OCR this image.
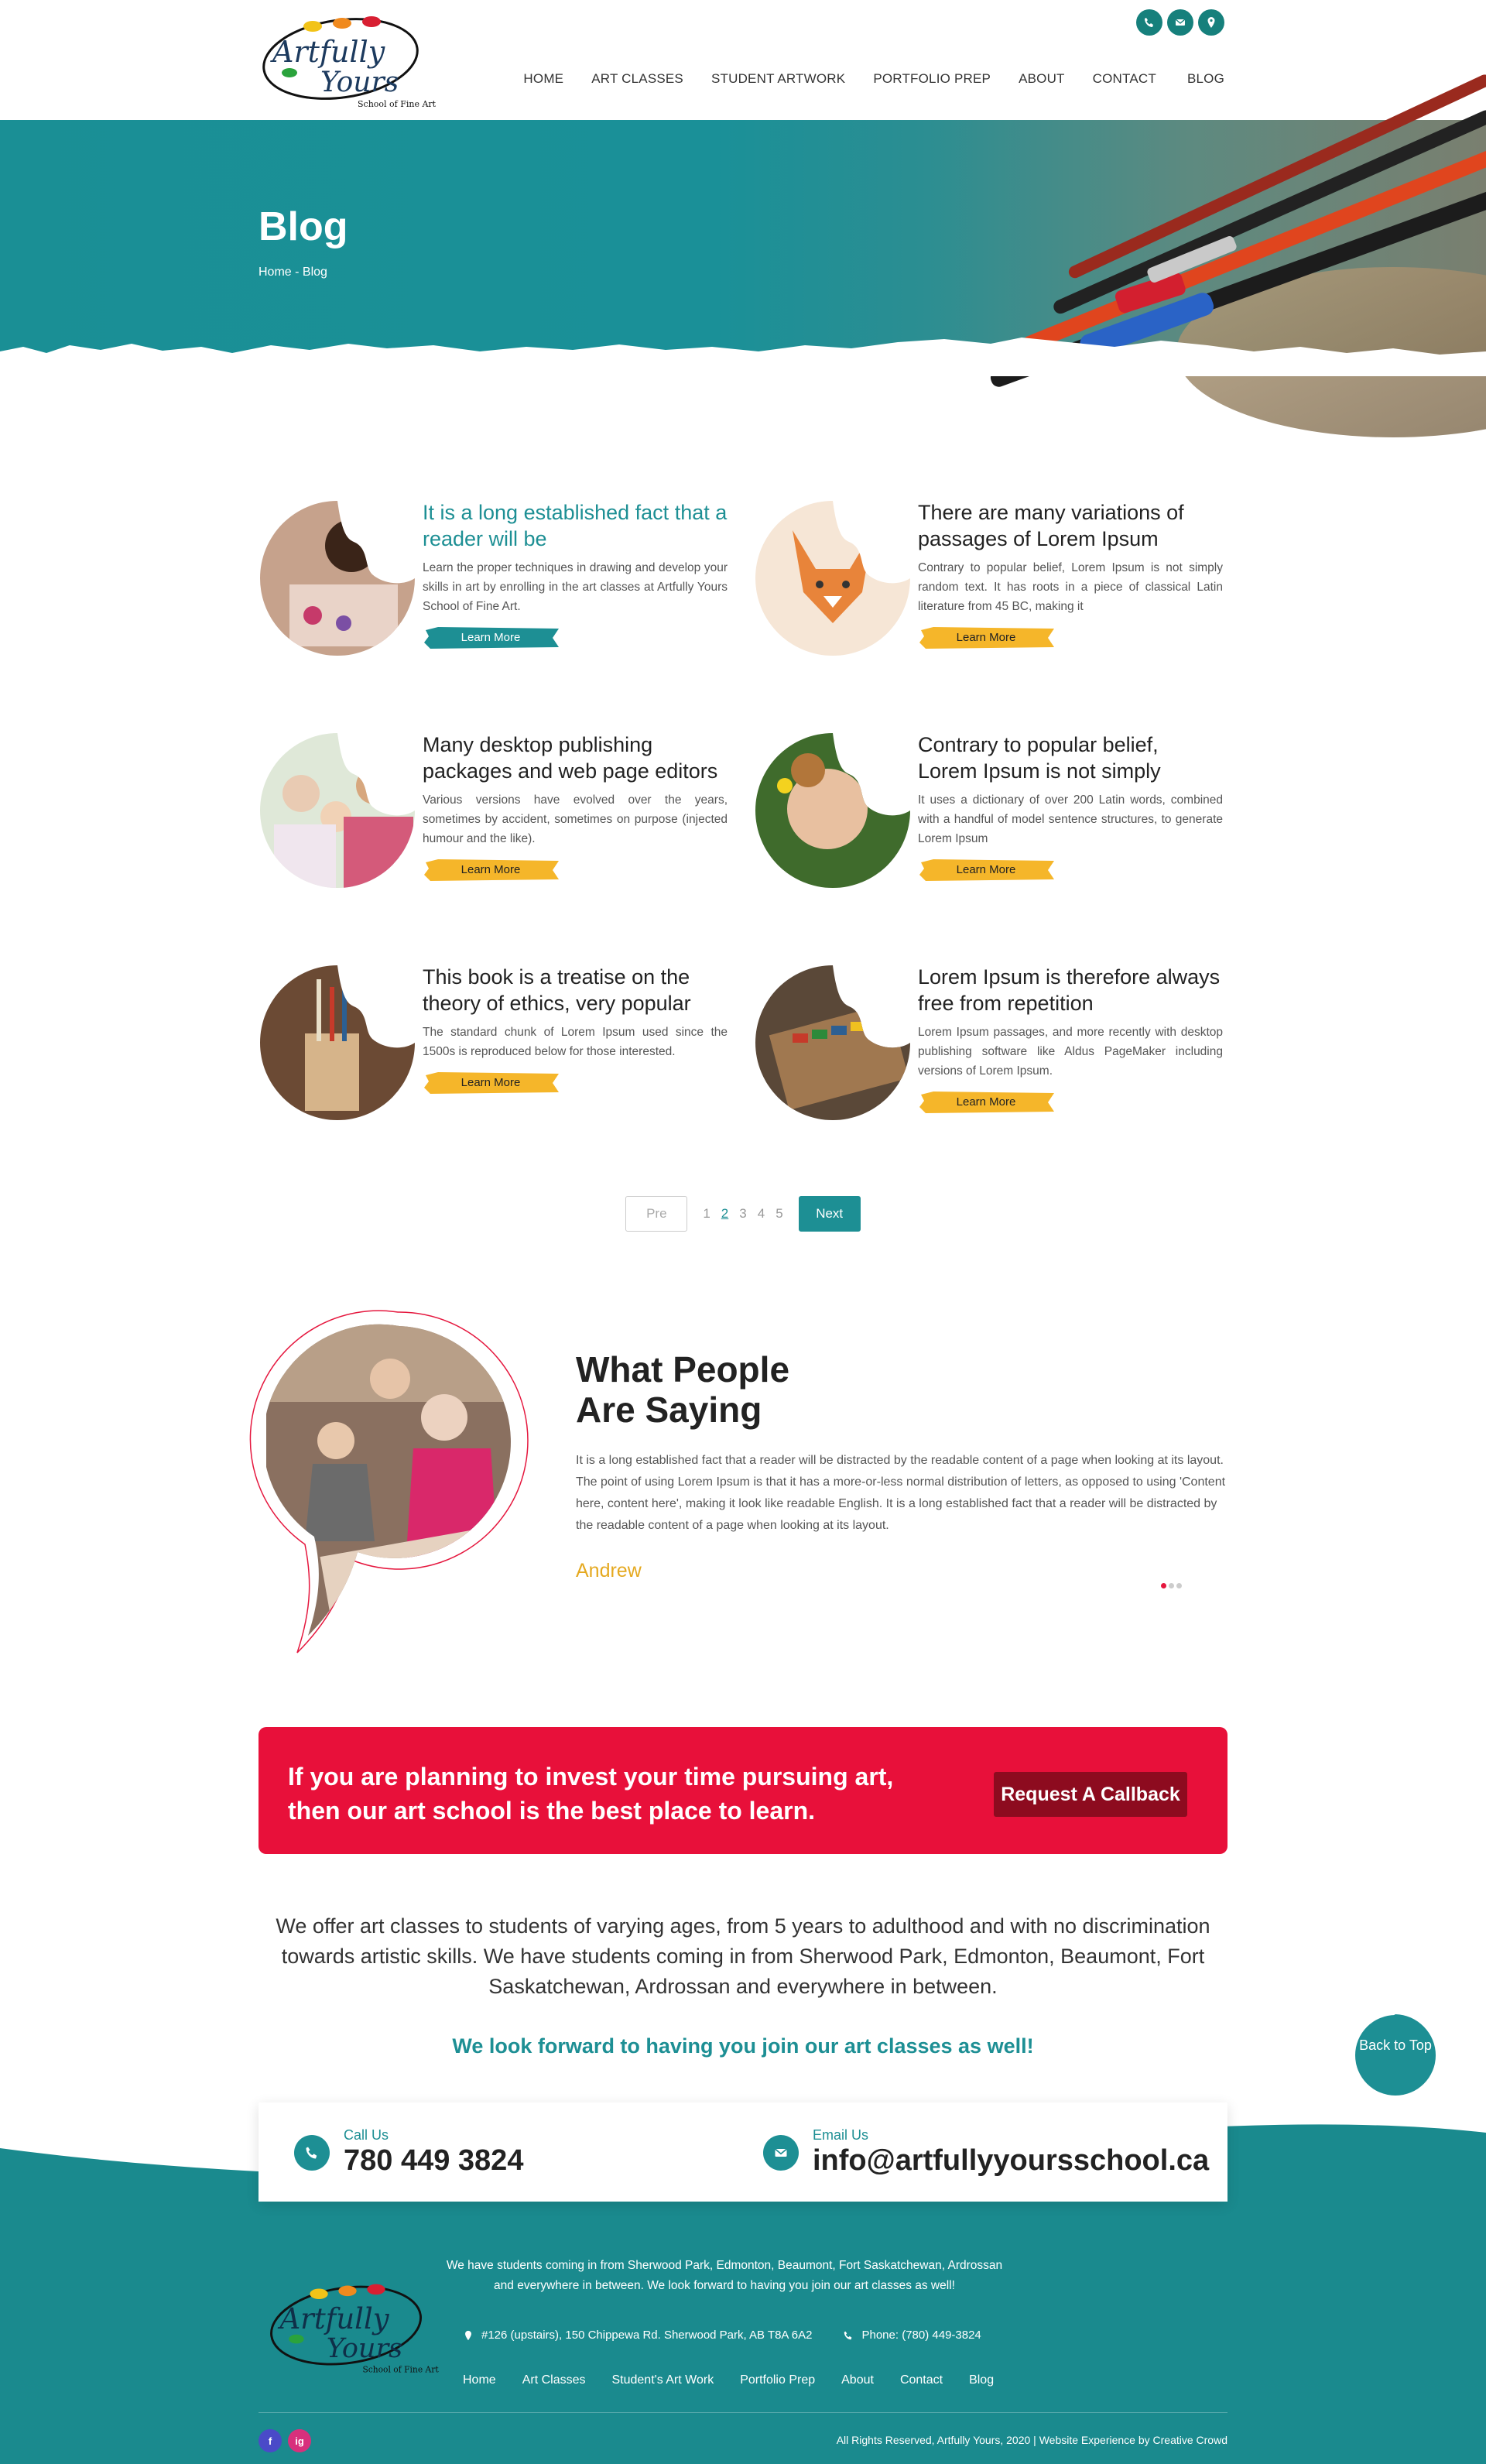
Artfully
Yours
School of Fine Art
HOME ART CLASSES STUDENT ARTWORK PORTFOLIO PREP ABOUT CONTACT BLOG
Blog
Home - Blog
It is a long established fact that a reader will be

Learn the proper techniques in drawing and develop your skills in art by enrolling in the art classes at Artfully Yours School of Fine Art.

Learn More
There are many variations of passages of Lorem Ipsum

Contrary to popular belief, Lorem Ipsum is not simply random text. It has roots in a piece of classical Latin literature from 45 BC, making it

Learn More
Many desktop publishing packages and web page editors

Various versions have evolved over the years, sometimes by accident, sometimes on purpose (injected humour and the like).

Learn More
Contrary to popular belief, Lorem Ipsum is not simply

It uses a dictionary of over 200 Latin words, combined with a handful of model sentence structures, to generate Lorem Ipsum

Learn More
This book is a treatise on the theory of ethics, very popular

The standard chunk of Lorem Ipsum used since the 1500s is reproduced below for those interested.

Learn More
Lorem Ipsum is therefore always free from repetition

Lorem Ipsum passages, and more recently with desktop publishing software like Aldus PageMaker including versions of Lorem Ipsum.

Learn More
Pre	1 2 3 4 5	Next
What People
Are Saying

It is a long established fact that a reader will be distracted by the readable content of a page when looking at its layout. The point of using Lorem Ipsum is that it has a more-or-less normal distribution of letters, as opposed to using 'Content here, content here', making it look like readable English. It is a long established fact that a reader will be distracted by the readable content of a page when looking at its layout.

Andrew
If you are planning to invest your time pursuing art, then our art school is the best place to learn.
Request A Callback

We offer art classes to students of varying ages, from 5 years to adulthood and with no discrimination towards artistic skills. We have students coming in from Sherwood Park, Edmonton, Beaumont, Fort Saskatchewan, Ardrossan and everywhere in between.

We look forward to having you join our art classes as well!	Back to Top
Call Us
780 449 3824
Email Us
info@artfullyyoursschool.ca
Artfully
Yours
School of Fine Art

We have students coming in from Sherwood Park, Edmonton, Beaumont, Fort Saskatchewan, Ardrossan and everywhere in between. We look forward to having you join our art classes as well!

#126 (upstairs), 150 Chippewa Rd. Sherwood Park, AB T8A 6A2	Phone: (780) 449-3824
Home Art Classes Student's Art Work Portfolio Prep About Contact Blog
f	ig	All Rights Reserved, Artfully Yours, 2020 | Website Experience by Creative Crowd
